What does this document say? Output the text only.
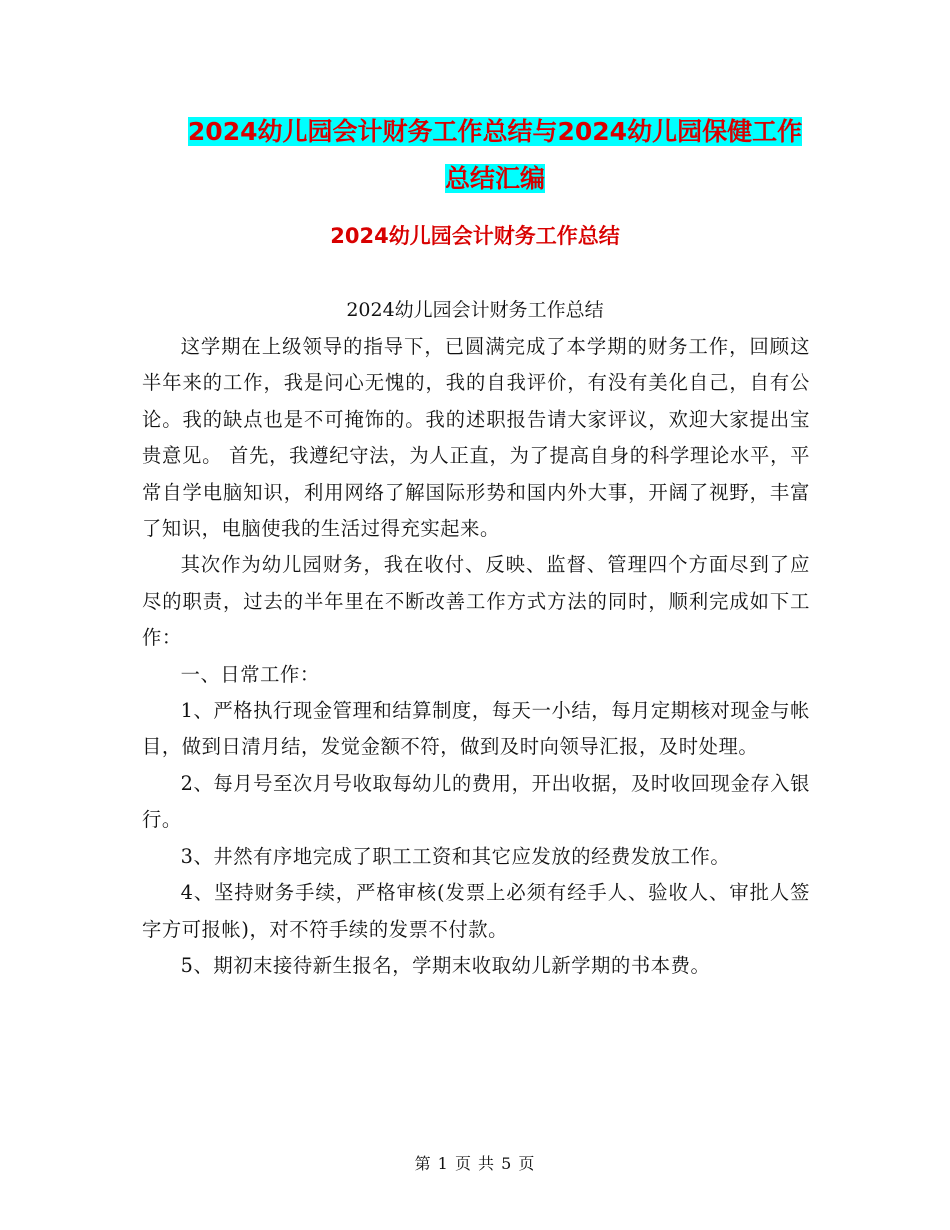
2024幼儿园会计财务工作总结与2024幼儿园保健工作
总结汇编
2024幼儿园会计财务工作总结
2024幼儿园会计财务工作总结

这学期在上级领导的指导下，已圆满完成了本学期的财务工作，回顾这半年来的工作，我是问心无愧的，我的自我评价，有没有美化自己，自有公论。我的缺点也是不可掩饰的。我的述职报告请大家评议，欢迎大家提出宝贵意见。 首先，我遵纪守法，为人正直，为了提高自身的科学理论水平，平常自学电脑知识，利用网络了解国际形势和国内外大事，开阔了视野，丰富了知识，电脑使我的生活过得充实起来。

其次作为幼儿园财务，我在收付、反映、监督、管理四个方面尽到了应尽的职责，过去的半年里在不断改善工作方式方法的同时，顺利完成如下工作：

一、日常工作：

1、严格执行现金管理和结算制度，每天一小结，每月定期核对现金与帐目，做到日清月结，发觉金额不符，做到及时向领导汇报，及时处理。

2、每月号至次月号收取每幼儿的费用，开出收据，及时收回现金存入银行。

3、井然有序地完成了职工工资和其它应发放的经费发放工作。

4、坚持财务手续，严格审核(发票上必须有经手人、验收人、审批人签字方可报帐)，对不符手续的发票不付款。

5、期初末接待新生报名，学期末收取幼儿新学期的书本费。

第 1 页 共 5 页
